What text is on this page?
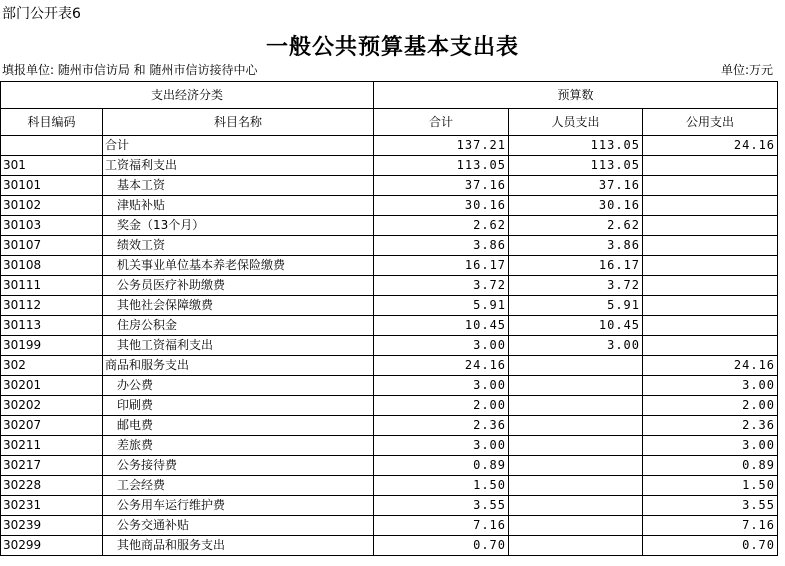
部门公开表6
一般公共预算基本支出表
填报单位: 随州市信访局 和 随州市信访接待中心	单位:万元
支出经济分类		预算数		
科目编码	科目名称	合计	人员支出	公用支出
	合计	137.21	113.05	24.16
301	工资福利支出	113.05	113.05	
30101	基本工资	37.16	37.16	
30102	津贴补贴	30.16	30.16	
30103	奖金（13个月）	2.62	2.62	
30107	绩效工资	3.86	3.86	
30108	机关事业单位基本养老保险缴费	16.17	16.17	
30111	公务员医疗补助缴费	3.72	3.72	
30112	其他社会保障缴费	5.91	5.91	
30113	住房公积金	10.45	10.45	
30199	其他工资福利支出	3.00	3.00	
302	商品和服务支出	24.16		24.16
30201	办公费	3.00		3.00
30202	印刷费	2.00		2.00
30207	邮电费	2.36		2.36
30211	差旅费	3.00		3.00
30217	公务接待费	0.89		0.89
30228	工会经费	1.50		1.50
30231	公务用车运行维护费	3.55		3.55
30239	公务交通补贴	7.16		7.16
30299	其他商品和服务支出	0.70		0.70
